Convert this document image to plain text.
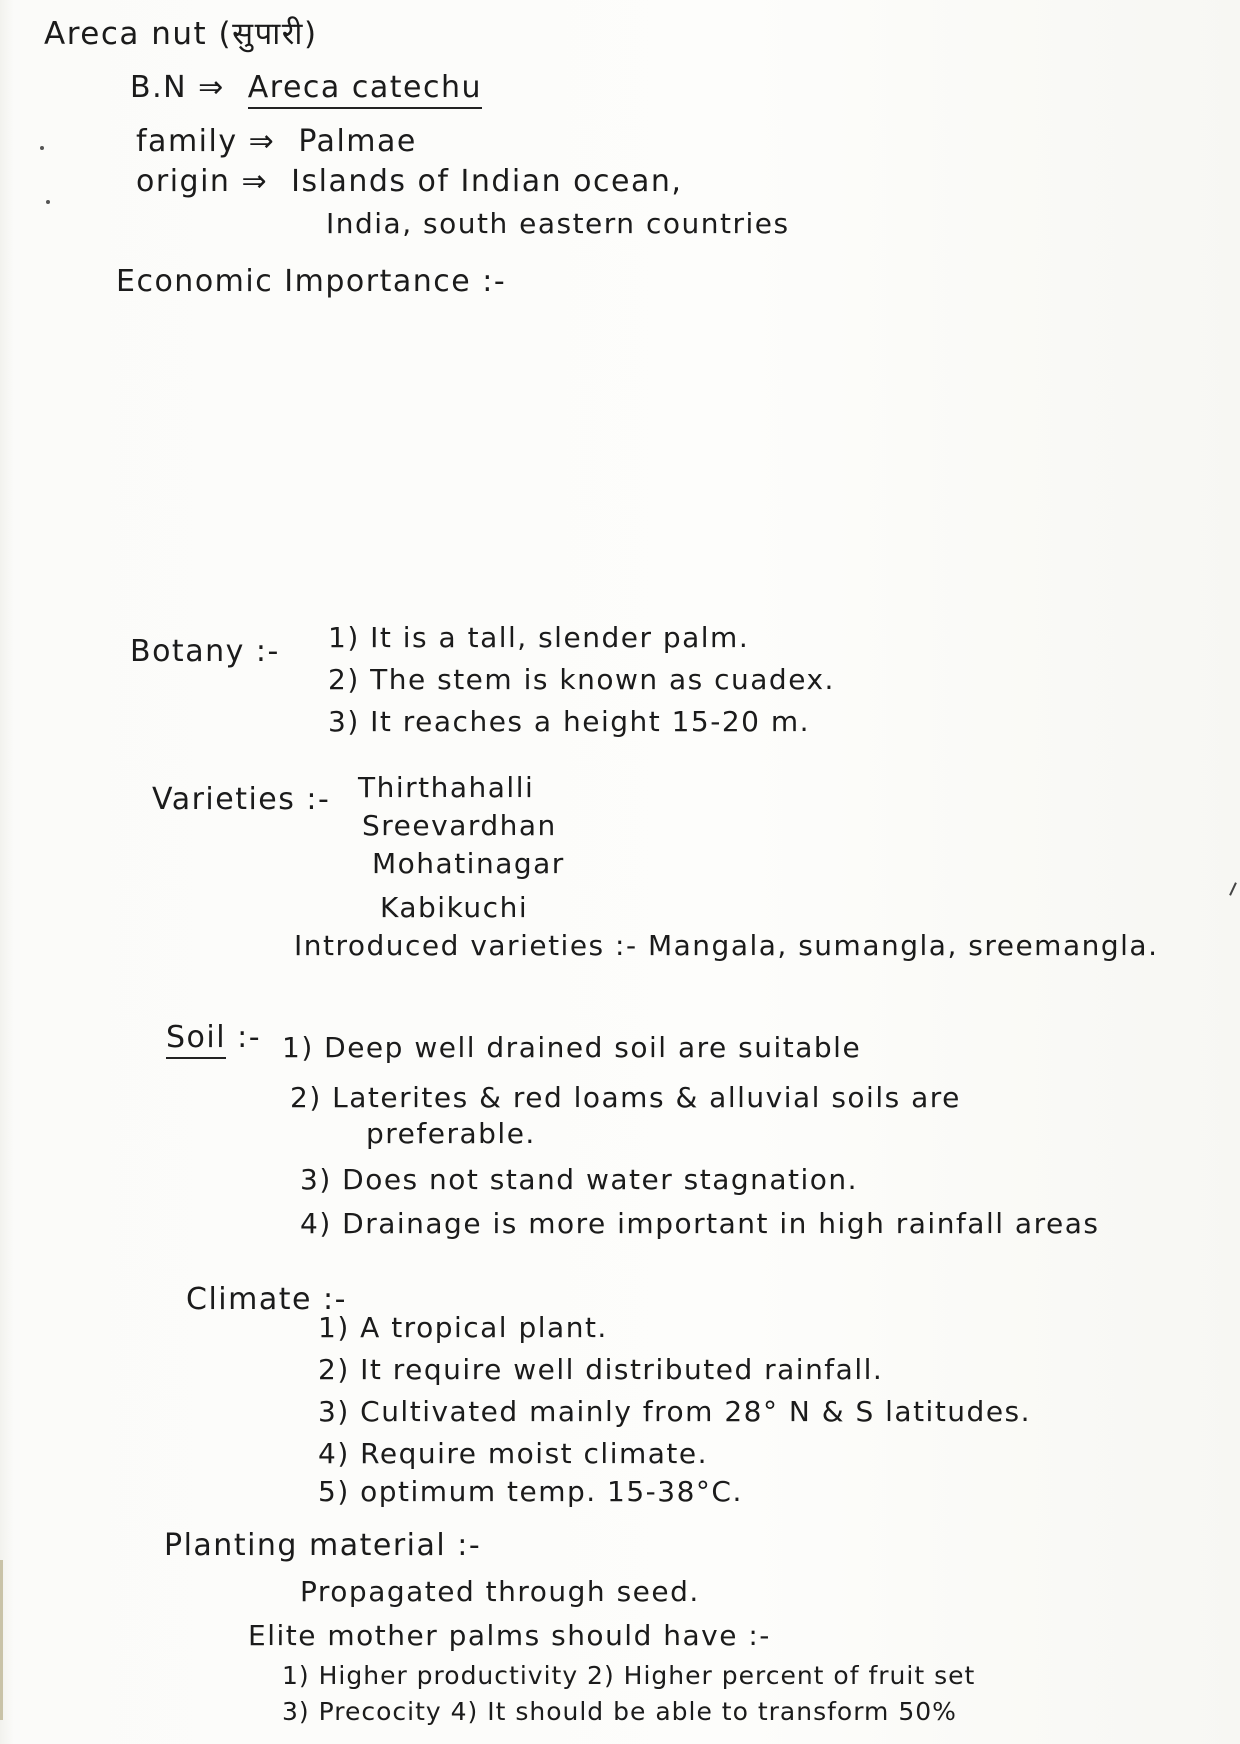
Areca nut (सुपारी)
B.N ⇒ Areca catechu
family ⇒ Palmae
origin ⇒ Islands of Indian ocean,
India, south eastern countries
Economic Importance :-
Botany :- 1) It is a tall, slender palm.
2) The stem is known as cuadex.
3) It reaches a height 15-20 m.
Varieties :- Thirthahalli
Sreevardhan
Mohatinagar
Kabikuchi
Introduced varieties :- Mangala, sumangla, sreemangla.
Soil :- 1) Deep well drained soil are suitable
2) Laterites & red loams & alluvial soils are
preferable.
3) Does not stand water stagnation.
4) Drainage is more important in high rainfall areas
Climate :-
1) A tropical plant.
2) It require well distributed rainfall.
3) Cultivated mainly from 28° N & S latitudes.
4) Require moist climate.
5) optimum temp. 15-38°C.
Planting material :-
Propagated through seed.
Elite mother palms should have :-
1) Higher productivity 2) Higher percent of fruit set
3) Precocity 4) It should be able to transform 50%
